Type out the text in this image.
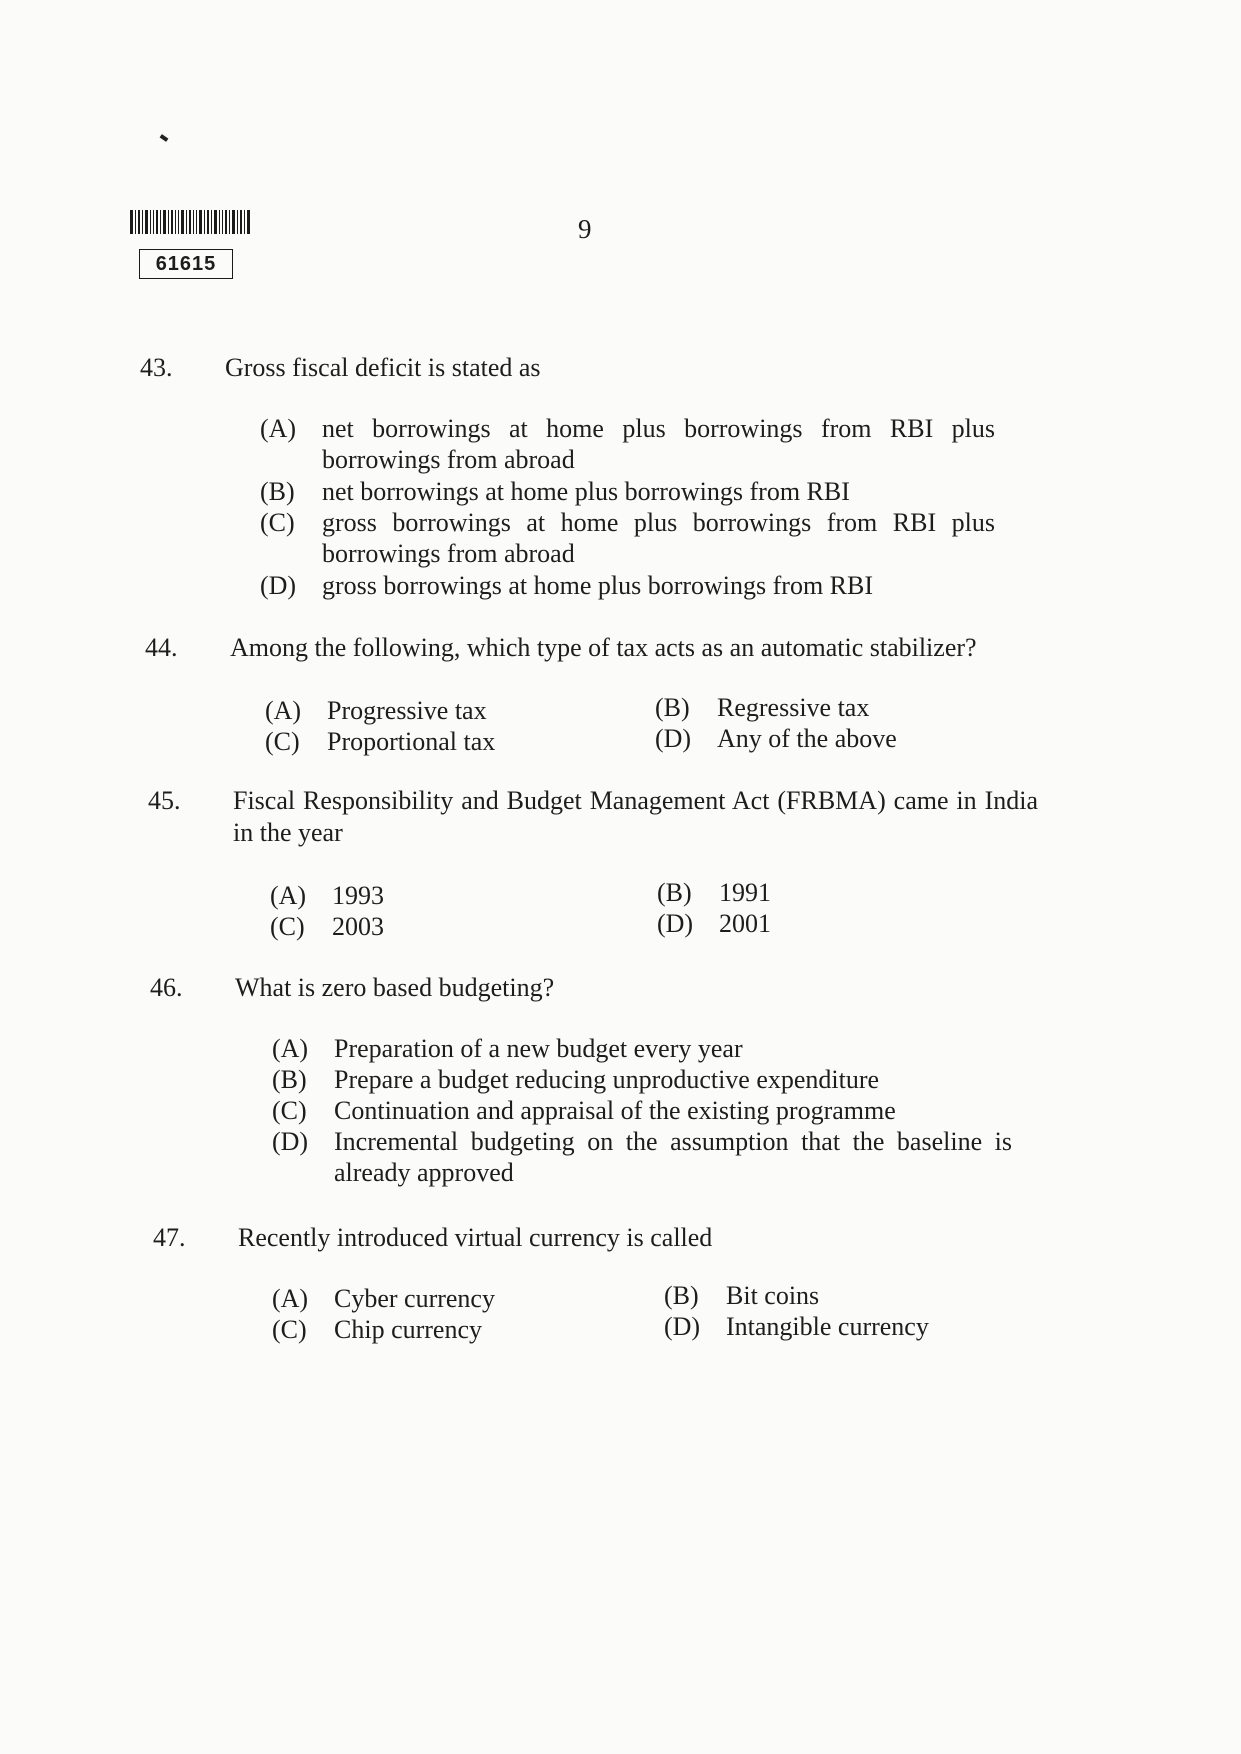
61615
9
43. Gross fiscal deficit is stated as
(A) net borrowings at home plus borrowings from RBI plus borrowings from abroad
(B)	net borrowings at home plus borrowings from RBI
(C)	gross borrowings at home plus borrowings from RBI plus borrowings from abroad
(D) gross borrowings at home plus borrowings from RBI
44. Among the following, which type of tax acts as an automatic stabilizer?
(A) Progressive tax	(B)	Regressive tax
(C)	Proportional tax	(D) Any of the above
45. Fiscal Responsibility and Budget Management Act (FRBMA) came in India in the year
(A) 1993	(B)	1991
(C)	2003	(D) 2001
46. What is zero based budgeting?
(A) Preparation of a new budget every year
(B)	Prepare a budget reducing unproductive expenditure
(C)	Continuation and appraisal of the existing programme
(D) Incremental budgeting on the assumption that the baseline is already approved
47. Recently introduced virtual currency is called
(A) Cyber currency	(B)	Bit coins
(C)	Chip currency	(D) Intangible currency
